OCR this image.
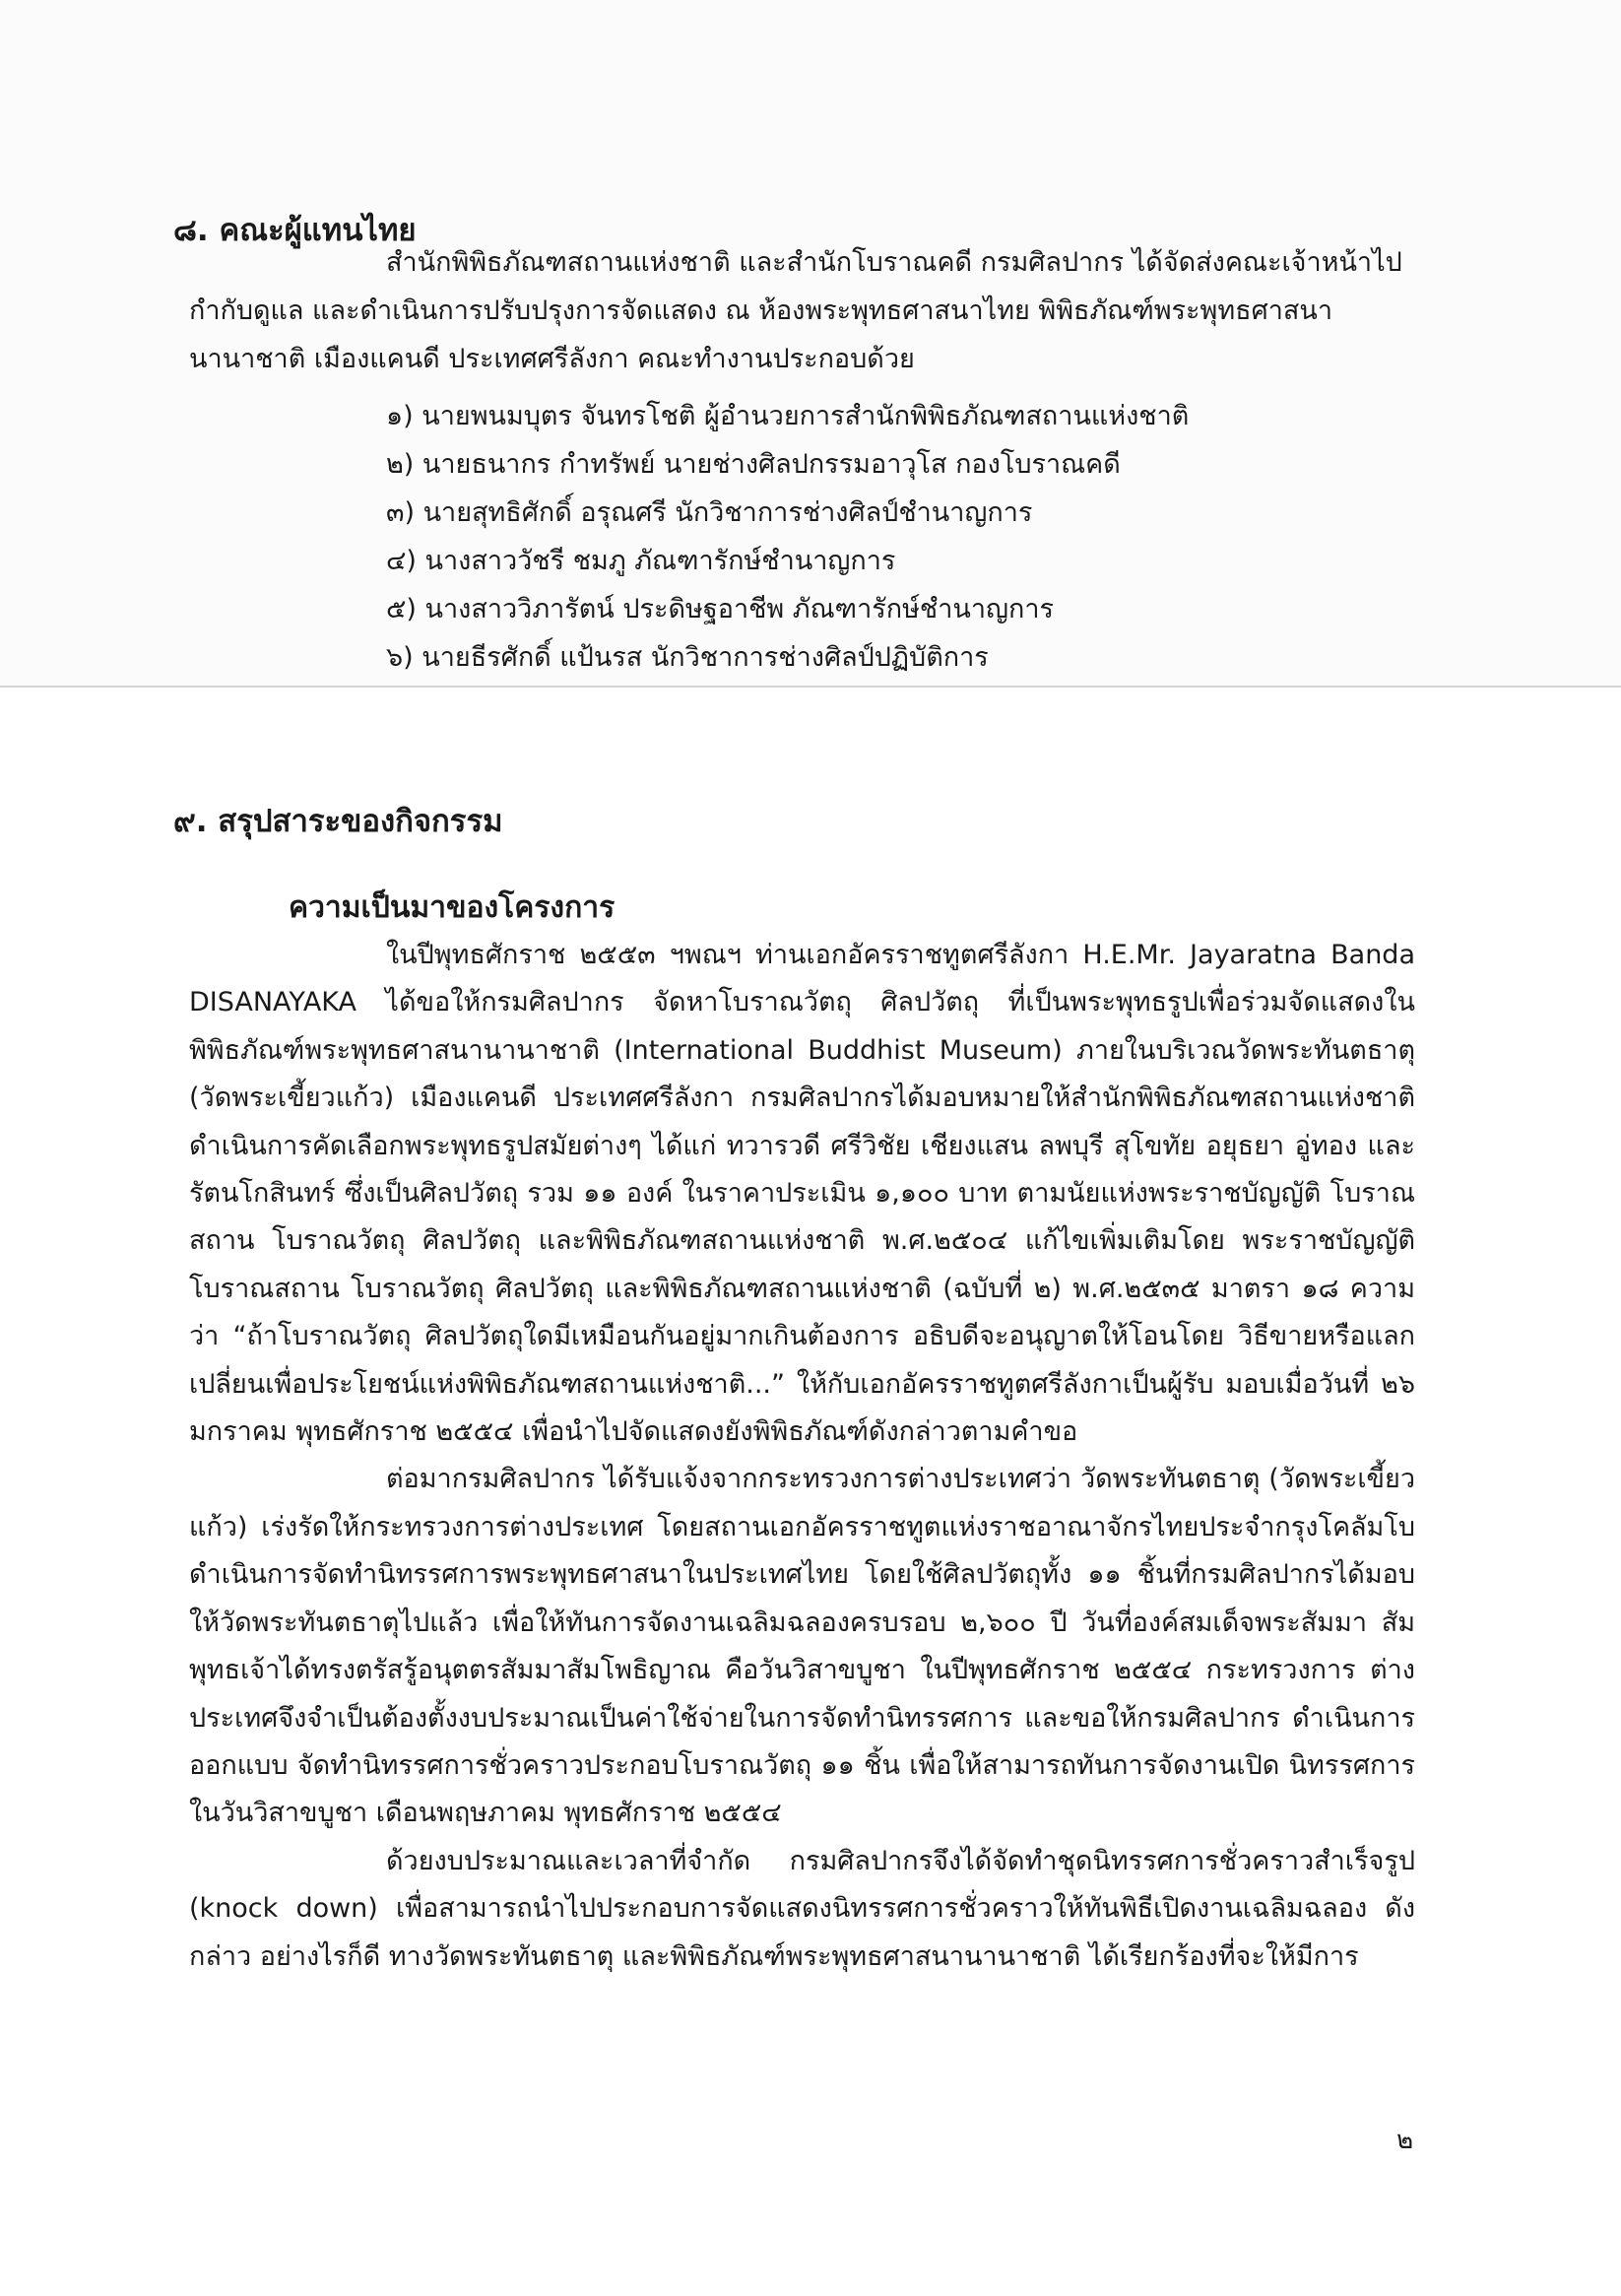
๘. คณะผู้แทนไทย

สำนักพิพิธภัณฑสถานแห่งชาติ และสำนักโบราณคดี กรมศิลปากร ได้จัดส่งคณะเจ้าหน้าไป กำกับดูแล และดำเนินการปรับปรุงการจัดแสดง ณ ห้องพระพุทธศาสนาไทย พิพิธภัณฑ์พระพุทธศาสนา นานาชาติ เมืองแคนดี ประเทศศรีลังกา คณะทำงานประกอบด้วย

๑) นายพนมบุตร จันทรโชติ ผู้อำนวยการสำนักพิพิธภัณฑสถานแห่งชาติ
๒) นายธนากร กำทรัพย์ นายช่างศิลปกรรมอาวุโส กองโบราณคดี
๓) นายสุทธิศักดิ์ อรุณศรี นักวิชาการช่างศิลป์ชำนาญการ
๔) นางสาววัชรี ชมภู ภัณฑารักษ์ชำนาญการ
๕) นางสาววิภารัตน์ ประดิษฐอาชีพ ภัณฑารักษ์ชำนาญการ
๖) นายธีรศักดิ์ แป้นรส นักวิชาการช่างศิลป์ปฏิบัติการ
๙. สรุปสาระของกิจกรรม
ความเป็นมาของโครงการ

ในปีพุทธศักราช ๒๕๕๓ ฯพณฯ ท่านเอกอัครราชทูตศรีลังกา H.E.Mr. Jayaratna Banda DISANAYAKA ได้ขอให้กรมศิลปากร จัดหาโบราณวัตถุ ศิลปวัตถุ ที่เป็นพระพุทธรูปเพื่อร่วมจัดแสดงใน พิพิธภัณฑ์พระพุทธศาสนานานาชาติ (International Buddhist Museum) ภายในบริเวณวัดพระทันตธาตุ (วัดพระเขี้ยวแก้ว) เมืองแคนดี ประเทศศรีลังกา กรมศิลปากรได้มอบหมายให้สำนักพิพิธภัณฑสถานแห่งชาติ ดำเนินการคัดเลือกพระพุทธรูปสมัยต่างๆ ได้แก่ ทวารวดี ศรีวิชัย เชียงแสน ลพบุรี สุโขทัย อยุธยา อู่ทอง และ รัตนโกสินทร์ ซึ่งเป็นศิลปวัตถุ รวม ๑๑ องค์ ในราคาประเมิน ๑,๑๐๐ บาท ตามนัยแห่งพระราชบัญญัติ โบราณสถาน โบราณวัตถุ ศิลปวัตถุ และพิพิธภัณฑสถานแห่งชาติ พ.ศ.๒๕๐๔ แก้ไขเพิ่มเติมโดย พระราชบัญญัติโบราณสถาน โบราณวัตถุ ศิลปวัตถุ และพิพิธภัณฑสถานแห่งชาติ (ฉบับที่ ๒) พ.ศ.๒๕๓๕ มาตรา ๑๘ ความว่า “ถ้าโบราณวัตถุ ศิลปวัตถุใดมีเหมือนกันอยู่มากเกินต้องการ อธิบดีจะอนุญาตให้โอนโดย วิธีขายหรือแลกเปลี่ยนเพื่อประโยชน์แห่งพิพิธภัณฑสถานแห่งชาติ...” ให้กับเอกอัครราชทูตศรีลังกาเป็นผู้รับ มอบเมื่อวันที่ ๒๖ มกราคม พุทธศักราช ๒๕๕๔ เพื่อนำไปจัดแสดงยังพิพิธภัณฑ์ดังกล่าวตามคำขอ

ต่อมากรมศิลปากร ได้รับแจ้งจากกระทรวงการต่างประเทศว่า วัดพระทันตธาตุ (วัดพระเขี้ยว แก้ว) เร่งรัดให้กระทรวงการต่างประเทศ โดยสถานเอกอัครราชทูตแห่งราชอาณาจักรไทยประจำกรุงโคลัมโบ ดำเนินการจัดทำนิทรรศการพระพุทธศาสนาในประเทศไทย โดยใช้ศิลปวัตถุทั้ง ๑๑ ชิ้นที่กรมศิลปากรได้มอบ ให้วัดพระทันตธาตุไปแล้ว เพื่อให้ทันการจัดงานเฉลิมฉลองครบรอบ ๒,๖๐๐ ปี วันที่องค์สมเด็จพระสัมมา สัมพุทธเจ้าได้ทรงตรัสรู้อนุตตรสัมมาสัมโพธิญาณ คือวันวิสาขบูชา ในปีพุทธศักราช ๒๕๕๔ กระทรวงการ ต่างประเทศจึงจำเป็นต้องตั้งงบประมาณเป็นค่าใช้จ่ายในการจัดทำนิทรรศการ และขอให้กรมศิลปากร ดำเนินการออกแบบ จัดทำนิทรรศการชั่วคราวประกอบโบราณวัตถุ ๑๑ ชิ้น เพื่อให้สามารถทันการจัดงานเปิด นิทรรศการในวันวิสาขบูชา เดือนพฤษภาคม พุทธศักราช ๒๕๕๔

ด้วยงบประมาณและเวลาที่จำกัด กรมศิลปากรจึงได้จัดทำชุดนิทรรศการชั่วคราวสำเร็จรูป (knock down) เพื่อสามารถนำไปประกอบการจัดแสดงนิทรรศการชั่วคราวให้ทันพิธีเปิดงานเฉลิมฉลอง ดังกล่าว อย่างไรก็ดี ทางวัดพระทันตธาตุ และพิพิธภัณฑ์พระพุทธศาสนานานาชาติ ได้เรียกร้องที่จะให้มีการ

๒
